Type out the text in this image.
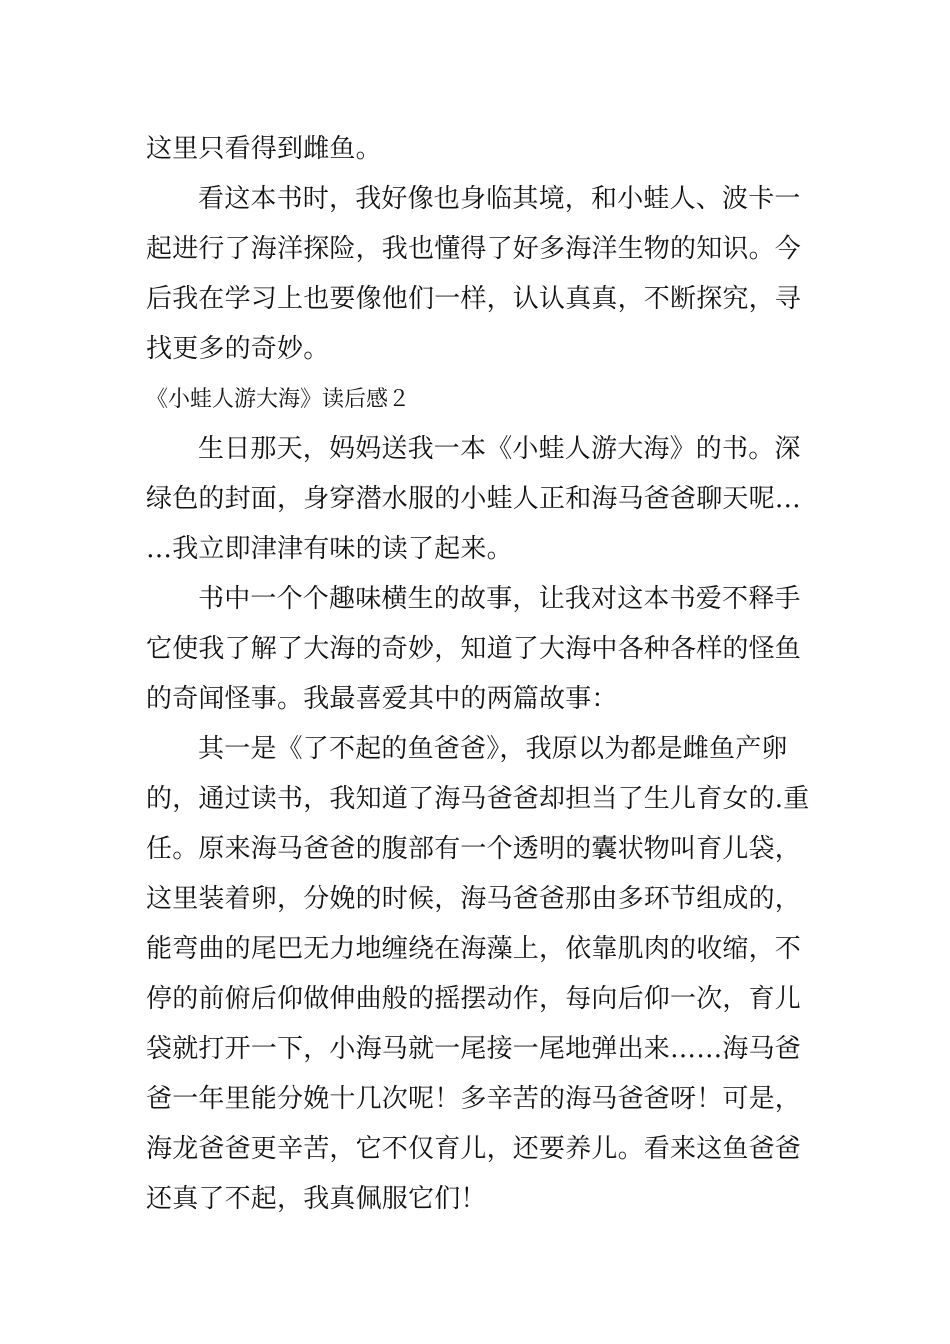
这里只看得到雌鱼。
看这本书时，我好像也身临其境，和小蛙人、波卡一
起进行了海洋探险，我也懂得了好多海洋生物的知识。今
后我在学习上也要像他们一样，认认真真，不断探究，寻
找更多的奇妙。
《小蛙人游大海》读后感２
生日那天，妈妈送我一本《小蛙人游大海》的书。深
绿色的封面，身穿潜水服的小蛙人正和海马爸爸聊天呢…
…我立即津津有味的读了起来。
书中一个个趣味横生的故事，让我对这本书爱不释手
它使我了解了大海的奇妙，知道了大海中各种各样的怪鱼
的奇闻怪事。我最喜爱其中的两篇故事：
其一是《了不起的鱼爸爸》，我原以为都是雌鱼产卵
的，通过读书，我知道了海马爸爸却担当了生儿育女的.重
任。原来海马爸爸的腹部有一个透明的囊状物叫育儿袋，
这里装着卵，分娩的时候，海马爸爸那由多环节组成的，
能弯曲的尾巴无力地缠绕在海藻上，依靠肌肉的收缩，不
停的前俯后仰做伸曲般的摇摆动作，每向后仰一次，育儿
袋就打开一下，小海马就一尾接一尾地弹出来……海马爸
爸一年里能分娩十几次呢！多辛苦的海马爸爸呀！可是，
海龙爸爸更辛苦，它不仅育儿，还要养儿。看来这鱼爸爸
还真了不起，我真佩服它们！
